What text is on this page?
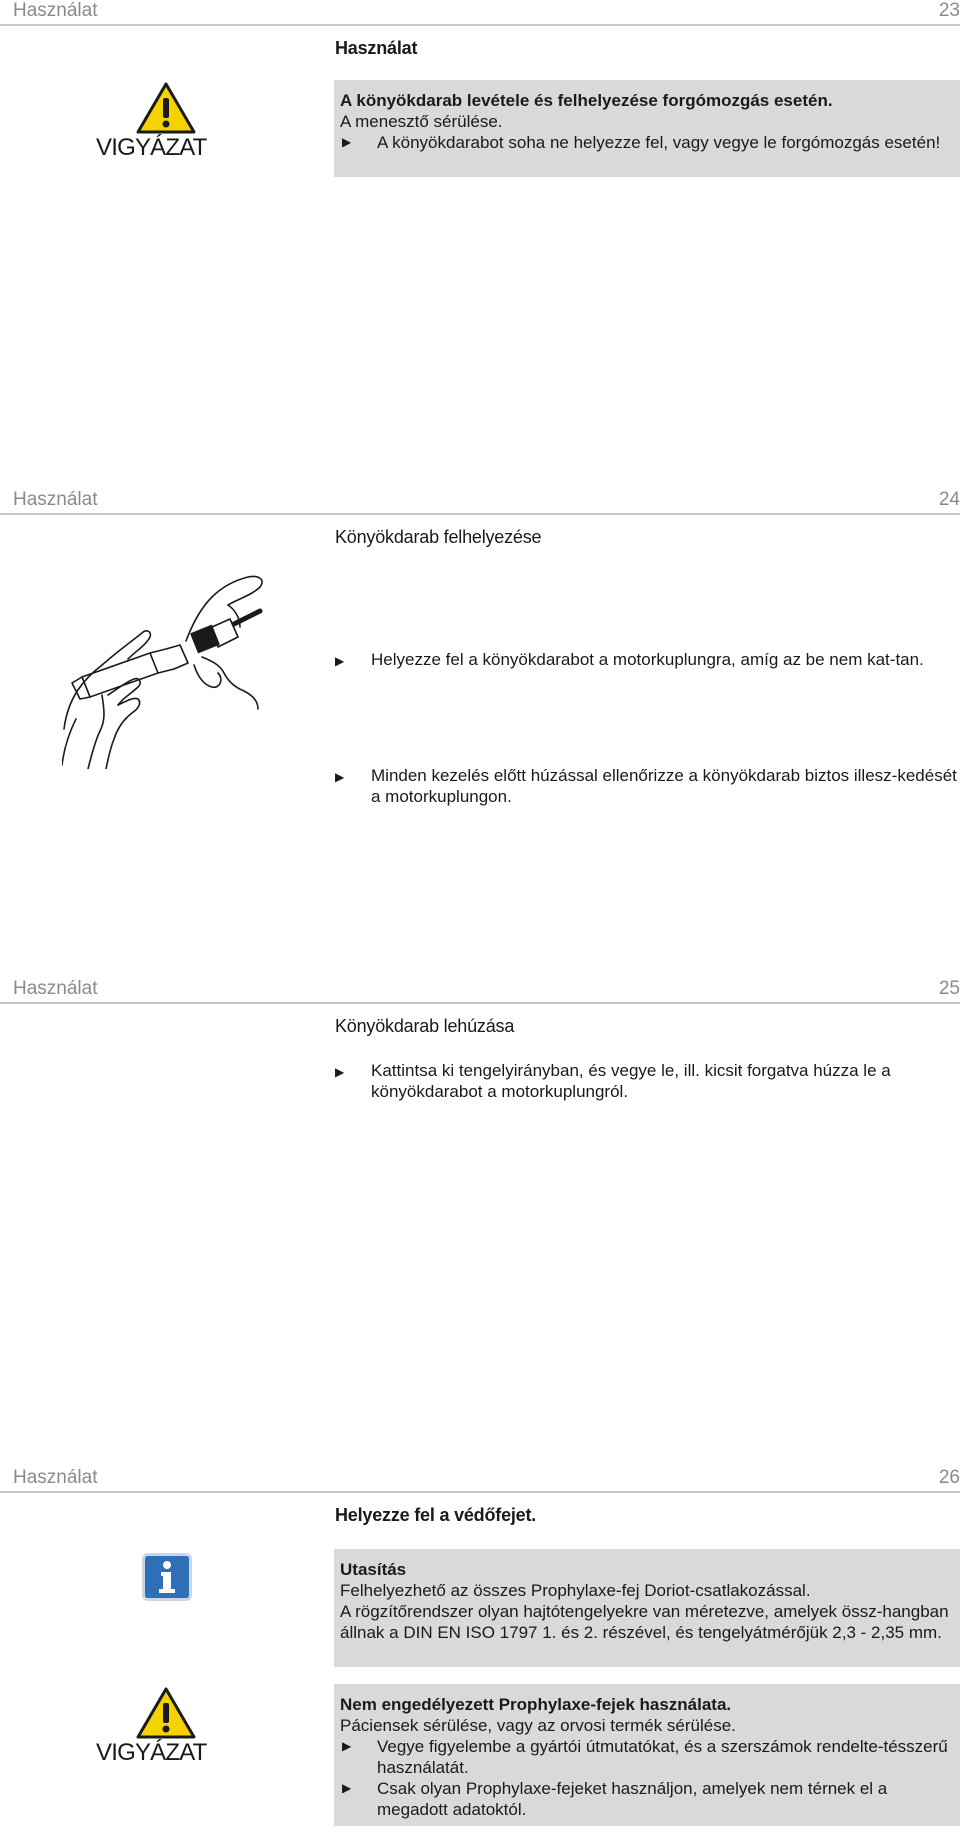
Használat	23
Használat
VIGYÁZAT
A könyökdarab levétele és felhelyezése forgómozgás esetén.
A menesztő sérülése.
▶ A könyökdarabot soha ne helyezze fel, vagy vegye le forgómozgás esetén!
Használat	24
Könyökdarab felhelyezése
▶ Helyezze fel a könyökdarabot a motorkuplungra, amíg az be nem kat-tan.
▶ Minden kezelés előtt húzással ellenőrizze a könyökdarab biztos illesz-kedését a motorkuplungon.
Használat	25
Könyökdarab lehúzása
▶ Kattintsa ki tengelyirányban, és vegye le, ill. kicsit forgatva húzza le a könyökdarabot a motorkuplungról.
Használat	26
Helyezze fel a védőfejet.
Utasítás
Felhelyezhető az összes Prophylaxe-fej Doriot-csatlakozással.
A rögzítőrendszer olyan hajtótengelyekre van méretezve, amelyek össz-hangban állnak a DIN EN ISO 1797 1. és 2. részével, és tengelyátmérőjük 2,3 - 2,35 mm.
VIGYÁZAT
Nem engedélyezett Prophylaxe-fejek használata.
Páciensek sérülése, vagy az orvosi termék sérülése.
▶ Vegye figyelembe a gyártói útmutatókat, és a szerszámok rendelte-tésszerű használatát.
▶ Csak olyan Prophylaxe-fejeket használjon, amelyek nem térnek el a megadott adatoktól.
